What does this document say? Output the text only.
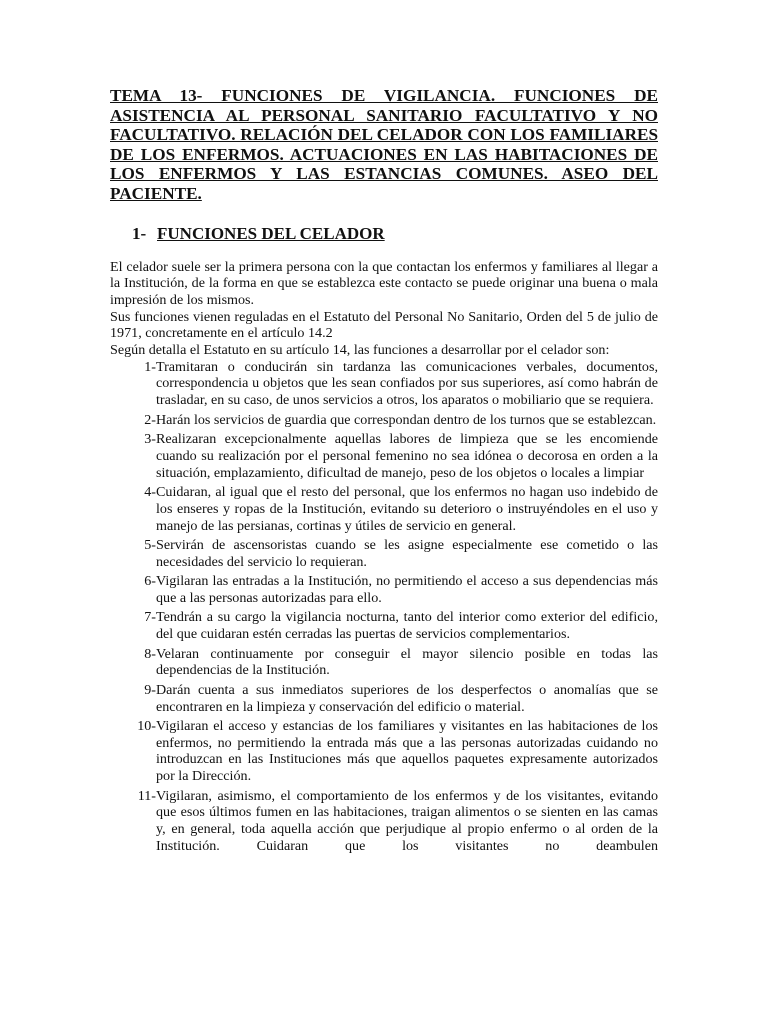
TEMA 13- FUNCIONES DE VIGILANCIA. FUNCIONES DE ASISTENCIA AL PERSONAL SANITARIO FACULTATIVO Y NO FACULTATIVO. RELACIÓN DEL CELADOR CON LOS FAMILIARES DE LOS ENFERMOS. ACTUACIONES EN LAS HABITACIONES DE LOS ENFERMOS Y LAS ESTANCIAS COMUNES. ASEO DEL PACIENTE.

1- FUNCIONES DEL CELADOR

El celador suele ser la primera persona con la que contactan los enfermos y familiares al llegar a la Institución, de la forma en que se establezca este contacto se puede originar una buena o mala impresión de los mismos.

Sus funciones vienen reguladas en el Estatuto del Personal No Sanitario, Orden del 5 de julio de 1971, concretamente en el artículo 14.2

Según detalla el Estatuto en su artículo 14, las funciones a desarrollar por el celador son:

1- Tramitaran o conducirán sin tardanza las comunicaciones verbales, documentos, correspondencia u objetos que les sean confiados por sus superiores, así como habrán de trasladar, en su caso, de unos servicios a otros, los aparatos o mobiliario que se requiera.
2- Harán los servicios de guardia que correspondan dentro de los turnos que se establezcan.
3- Realizaran excepcionalmente aquellas labores de limpieza que se les encomiende cuando su realización por el personal femenino no sea idónea o decorosa en orden a la situación, emplazamiento, dificultad de manejo, peso de los objetos o locales a limpiar
4- Cuidaran, al igual que el resto del personal, que los enfermos no hagan uso indebido de los enseres y ropas de la Institución, evitando su deterioro o instruyéndoles en el uso y manejo de las persianas, cortinas y útiles de servicio en general.
5- Servirán de ascensoristas cuando se les asigne especialmente ese cometido o las necesidades del servicio lo requieran.
6- Vigilaran las entradas a la Institución, no permitiendo el acceso a sus dependencias más que a las personas autorizadas para ello.
7- Tendrán a su cargo la vigilancia nocturna, tanto del interior como exterior del edificio, del que cuidaran estén cerradas las puertas de servicios complementarios.
8- Velaran continuamente por conseguir el mayor silencio posible en todas las dependencias de la Institución.
9- Darán cuenta a sus inmediatos superiores de los desperfectos o anomalías que se encontraren en la limpieza y conservación del edificio o material.
10- Vigilaran el acceso y estancias de los familiares y visitantes en las habitaciones de los enfermos, no permitiendo la entrada más que a las personas autorizadas cuidando no introduzcan en las Instituciones más que aquellos paquetes expresamente autorizados por la Dirección.
11- Vigilaran, asimismo, el comportamiento de los enfermos y de los visitantes, evitando que esos últimos fumen en las habitaciones, traigan alimentos o se sienten en las camas y, en general, toda aquella acción que perjudique al propio enfermo o al orden de la Institución. Cuidaran que los visitantes no deambulen
